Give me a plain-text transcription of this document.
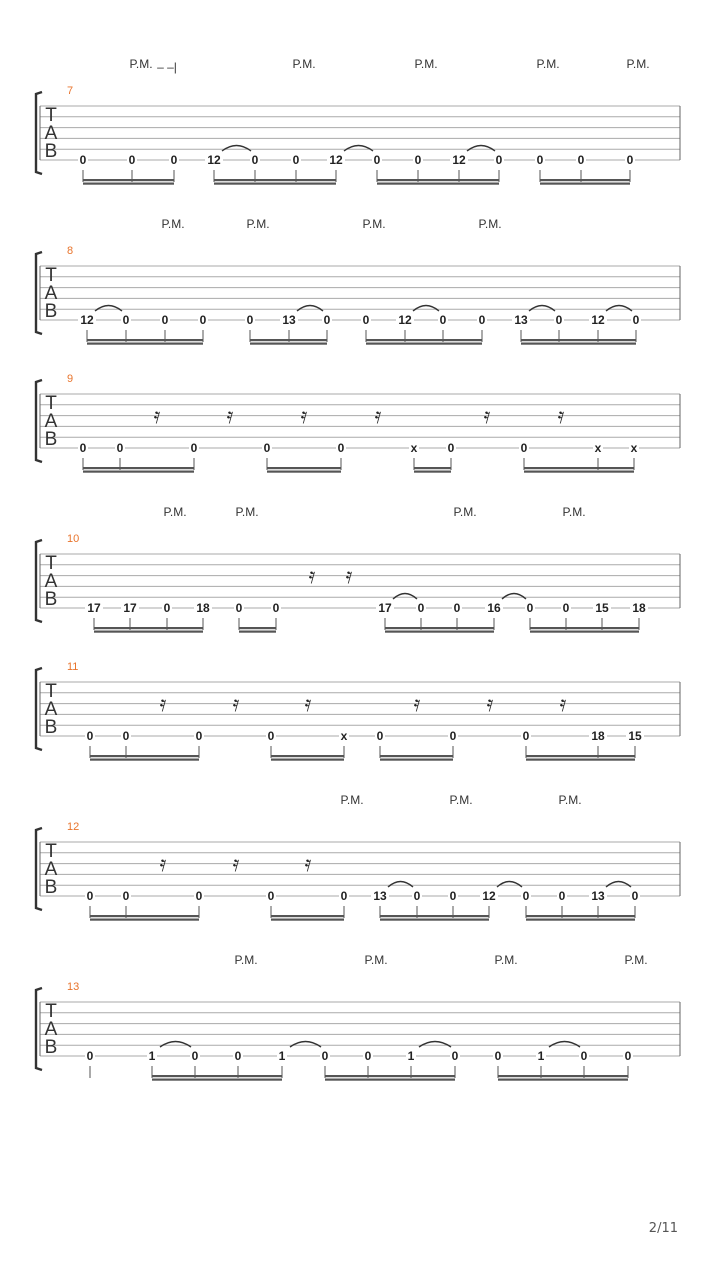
T
A
B
7
P.M.	P.M.	P.M.	P.M.	P.M.
– –|
0	0	0 12	0	0 12	0	0	12 0	0	0	0
T
A
B
8
P.M.	P.M.	P.M.	P.M.
12 0	0	0	0 13 0	0 12 0	0 13 0 12 0
T
A
B
9
0	0	0	0	0	x	0	0	x x
𝄿	𝄿	𝄿	𝄿	𝄿	𝄿
T
A
B
10
P.M.	P.M.	P.M.	P.M.
17 17 0 18 0	0	17 0 0 16 0 0 15 18
𝄿 𝄿
T
A
B
11
0 0	0	0	x 0	0	0	18 15
𝄿	𝄿	𝄿	𝄿	𝄿	𝄿
T
A
B
12
P.M.	P.M.	P.M.
0 0	0	0	0 13 0 0 12 0 0 13 0
𝄿	𝄿	𝄿
T
A
B
13
P.M.	P.M.	P.M.	P.M.
0	1	0	0	1	0	0	1	0	0	1	0	0
2/11
